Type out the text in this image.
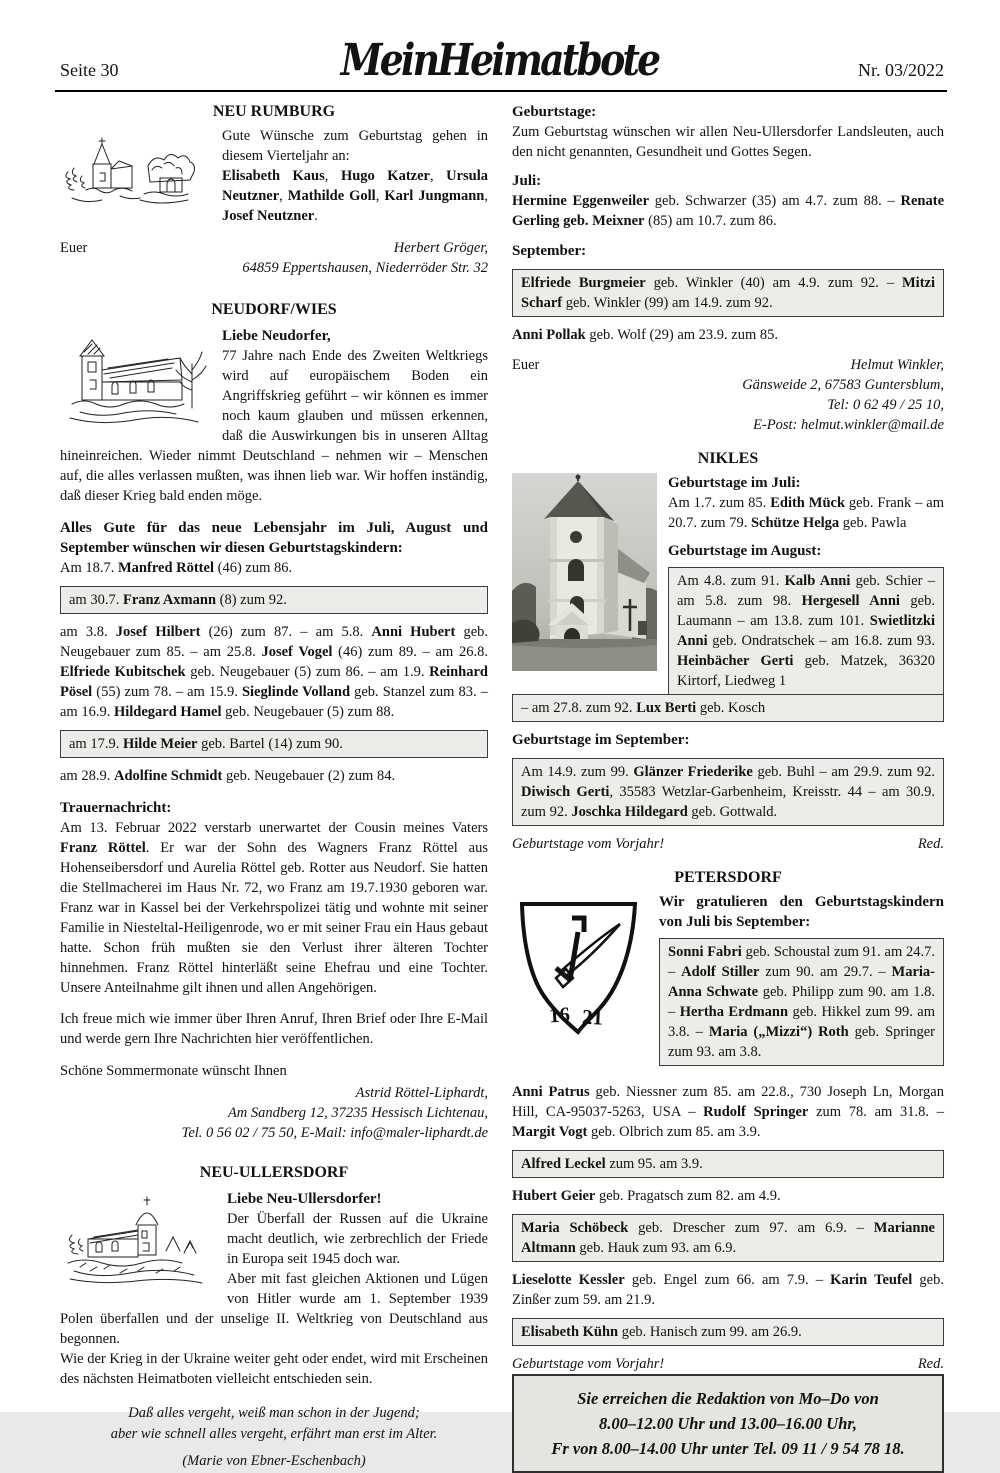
Seite 30	MeinHeimatbote	Nr. 03/2022

NEU RUMBURG

Gute Wünsche zum Geburtstag gehen in diesem Vierteljahr an:

Elisabeth Kaus, Hugo Katzer, Ursula Neutzner, Mathilde Goll, Karl Jungmann, Josef Neutzner.

Euer	Herbert Gröger,
64859 Eppertshausen, Niederröder Str. 32

NEUDORF/WIES

Liebe Neudorfer,

77 Jahre nach Ende des Zweiten Weltkriegs wird auf europäischem Boden ein Angriffskrieg geführt – wir können es immer noch kaum glauben und müssen erkennen, daß die Auswirkungen bis in unseren Alltag hineinreichen. Wieder nimmt Deutschland – nehmen wir – Menschen auf, die alles verlassen mußten, was ihnen lieb war. Wir hoffen inständig, daß dieser Krieg bald enden möge.

Alles Gute für das neue Lebensjahr im Juli, August und September wünschen wir diesen Geburtstagskindern:

Am 18.7. Manfred Röttel (46) zum 86.

am 30.7. Franz Axmann (8) zum 92.

am 3.8. Josef Hilbert (26) zum 87. – am 5.8. Anni Hubert geb. Neugebauer zum 85. – am 25.8. Josef Vogel (46) zum 89. – am 26.8. Elfriede Kubitschek geb. Neugebauer (5) zum 86. – am 1.9. Reinhard Pösel (55) zum 78. – am 15.9. Sieglinde Volland geb. Stanzel zum 83. – am 16.9. Hildegard Hamel geb. Neugebauer (5) zum 88.

am 17.9. Hilde Meier geb. Bartel (14) zum 90.

am 28.9. Adolfine Schmidt geb. Neugebauer (2) zum 84.

Trauernachricht:

Am 13. Februar 2022 verstarb unerwartet der Cousin meines Vaters Franz Röttel. Er war der Sohn des Wagners Franz Röttel aus Hohenseibersdorf und Aurelia Röttel geb. Rotter aus Neudorf. Sie hatten die Stellmacherei im Haus Nr. 72, wo Franz am 19.7.1930 geboren war. Franz war in Kassel bei der Verkehrspolizei tätig und wohnte mit seiner Familie in Niesteltal-Heiligenrode, wo er mit seiner Frau ein Haus gebaut hatte. Schon früh mußten sie den Verlust ihrer älteren Tochter hinnehmen. Franz Röttel hinterläßt seine Ehefrau und eine Tochter. Unsere Anteilnahme gilt ihnen und allen Angehörigen.

Ich freue mich wie immer über Ihren Anruf, Ihren Brief oder Ihre E-Mail und werde gern Ihre Nachrichten hier veröffentlichen.

Schöne Sommermonate wünscht Ihnen

Astrid Röttel-Liphardt,
Am Sandberg 12, 37235 Hessisch Lichtenau,
Tel. 0 56 02 / 75 50, E-Mail: info@maler-liphardt.de

NEU-ULLERSDORF

Liebe Neu-Ullersdorfer!

Der Überfall der Russen auf die Ukraine macht deutlich, wie zerbrechlich der Friede in Europa seit 1945 doch war.

Aber mit fast gleichen Aktionen und Lügen von Hitler wurde am 1. September 1939 Polen überfallen und der unselige II. Weltkrieg von Deutschland aus begonnen.

Wie der Krieg in der Ukraine weiter geht oder endet, wird mit Erscheinen des nächsten Heimatboten vielleicht entschieden sein.

Daß alles vergeht, weiß man schon in der Jugend;

aber wie schnell alles vergeht, erfährt man erst im Alter.

(Marie von Ebner-Eschenbach)

Geburtstage:

Zum Geburtstag wünschen wir allen Neu-Ullersdorfer Landsleuten, auch den nicht genannten, Gesundheit und Gottes Segen.

Juli:

Hermine Eggenweiler geb. Schwarzer (35) am 4.7. zum 88. – Renate Gerling geb. Meixner (85) am 10.7. zum 86.

September:

Elfriede Burgmeier geb. Winkler (40) am 4.9. zum 92. – Mitzi Scharf geb. Winkler (99) am 14.9. zum 92.

Anni Pollak geb. Wolf (29) am 23.9. zum 85.

Euer	Helmut Winkler,
Gänsweide 2, 67583 Guntersblum,
Tel: 0 62 49 / 25 10,
E-Post: helmut.winkler@mail.de

NIKLES

Geburtstage im Juli:

Am 1.7. zum 85. Edith Mück geb. Frank – am 20.7. zum 79. Schütze Helga geb. Pawla

Geburtstage im August:

Am 4.8. zum 91. Kalb Anni geb. Schier – am 5.8. zum 98. Hergesell Anni geb. Laumann – am 13.8. zum 101. Swietlitzki Anni geb. Ondratschek – am 16.8. zum 93. Heinbächer Gerti geb. Matzek, 36320 Kirtorf, Liedweg 1

– am 27.8. zum 92. Lux Berti geb. Kosch

Geburtstage im September:

Am 14.9. zum 99. Glänzer Friederike geb. Buhl – am 29.9. zum 92. Diwisch Gerti, 35583 Wetzlar-Garbenheim, Kreisstr. 44 – am 30.9. zum 92. Joschka Hildegard geb. Gottwald.

Geburtstage vom Vorjahr!	Red.

PETERSDORF

16 21

Wir gratulieren den Geburtstagskindern von Juli bis September:

Sonni Fabri geb. Schoustal zum 91. am 24.7. – Adolf Stiller zum 90. am 29.7. – Maria-Anna Schwate geb. Philipp zum 90. am 1.8. – Hertha Erdmann geb. Hikkel zum 99. am 3.8. – Maria („Mizzi“) Roth geb. Springer zum 93. am 3.8.

Anni Patrus geb. Niessner zum 85. am 22.8., 730 Joseph Ln, Morgan Hill, CA-95037-5263, USA – Rudolf Springer zum 78. am 31.8. – Margit Vogt geb. Olbrich zum 85. am 3.9.

Alfred Leckel zum 95. am 3.9.

Hubert Geier geb. Pragatsch zum 82. am 4.9.

Maria Schöbeck geb. Drescher zum 97. am 6.9. – Marianne Altmann geb. Hauk zum 93. am 6.9.

Lieselotte Kessler geb. Engel zum 66. am 7.9. – Karin Teufel geb. Zinßer zum 59. am 21.9.

Elisabeth Kühn geb. Hanisch zum 99. am 26.9.

Geburtstage vom Vorjahr!	Red.
Sie erreichen die Redaktion von Mo–Do von
8.00–12.00 Uhr und 13.00–16.00 Uhr,
Fr von 8.00–14.00 Uhr unter Tel. 09 11 / 9 54 78 18.
